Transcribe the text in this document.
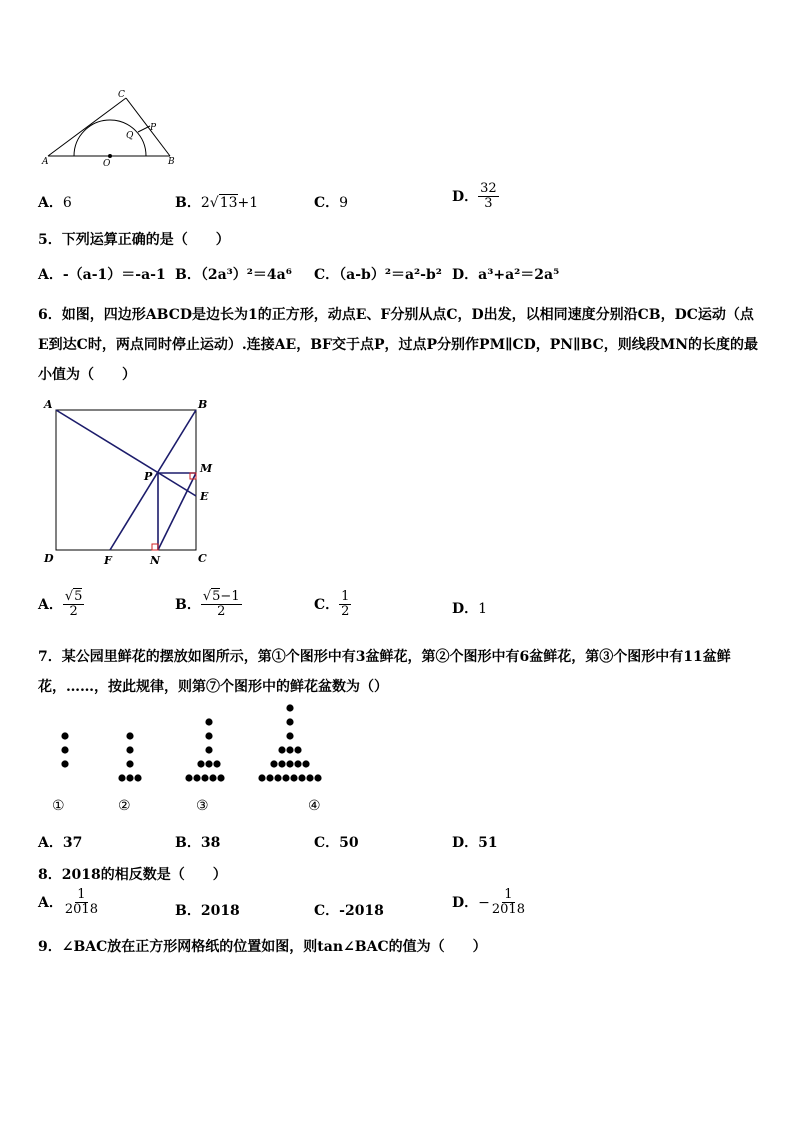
A	B
C
O
P
Q
A．6	B．2√13+1	C．9	D． $\frac{32}{3}$
5．下列运算正确的是（　　）
A．-（a-1）＝-a-1 B．（2a³）²＝4a⁶ C．（a-b）²＝a²-b² D．a³+a²＝2a⁵
6．如图，四边形ABCD是边长为1的正方形，动点E、F分别从点C，D出发，以相同速度分别沿CB，DC运动（点
E到达C时，两点同时停止运动）.连接AE，BF交于点P，过点P分别作PM∥CD，PN∥BC，则线段MN的长度的最
小值为（　　）
A	B
C
D
E
F
M
N
P
A． $\frac{√5}{2}$	B． $\frac{√5-1}{2}$	C． $\frac{1}{2}$	D．1
7．某公园里鲜花的摆放如图所示，第①个图形中有3盆鲜花，第②个图形中有6盆鲜花，第③个图形中有11盆鲜
花，……，按此规律，则第⑦个图形中的鲜花盆数为（）
①	②	③	④
A．37	B．38	C．50	D．51
8．2018的相反数是（　　）
A． $\frac{1}{2018}$	B．2018	C．-2018
D．− $\frac{1}{2018}$
9．∠BAC放在正方形网格纸的位置如图，则tan∠BAC的值为（　　）
